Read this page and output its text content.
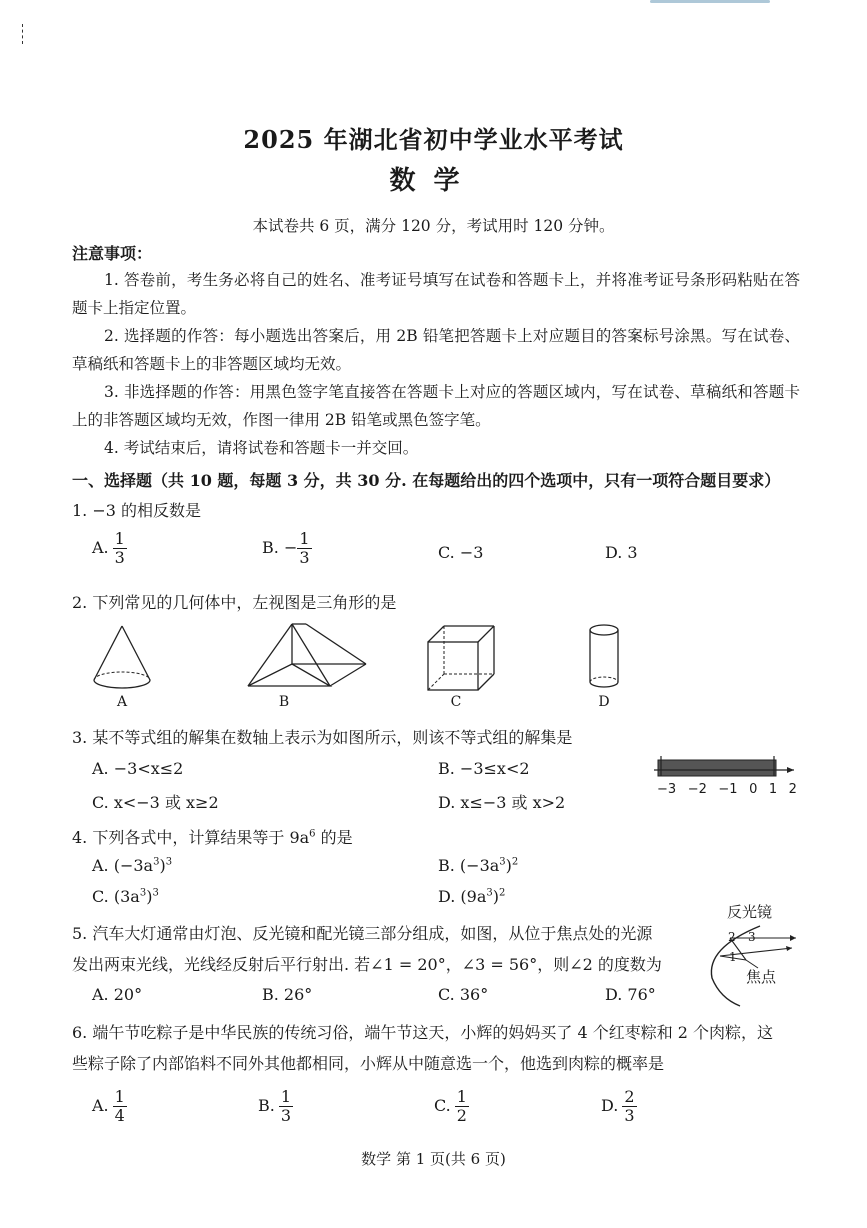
2025 年湖北省初中学业水平考试
数学
本试卷共 6 页，满分 120 分，考试用时 120 分钟。
注意事项：
1. 答卷前，考生务必将自己的姓名、准考证号填写在试卷和答题卡上，并将准考证号条形码粘贴在答题卡上指定位置。
2. 选择题的作答：每小题选出答案后，用 2B 铅笔把答题卡上对应题目的答案标号涂黑。写在试卷、草稿纸和答题卡上的非答题区域均无效。
3. 非选择题的作答：用黑色签字笔直接答在答题卡上对应的答题区域内，写在试卷、草稿纸和答题卡上的非答题区域均无效，作图一律用 2B 铅笔或黑色签字笔。
4. 考试结束后，请将试卷和答题卡一并交回。
一、选择题（共 10 题，每题 3 分，共 30 分. 在每题给出的四个选项中，只有一项符合题目要求）
1. −3 的相反数是
A. $\frac{1}{3}$	B. − $\frac{1}{3}$	C. −3	D. 3
2. 下列常见的几何体中，左视图是三角形的是
A	B	C	D
3. 某不等式组的解集在数轴上表示为如图所示，则该不等式组的解集是
A. −3<x≤2	B. −3≤x<2
C. x<−3 或 x≥2	D. x≤−3 或 x>2
−3 −2 −1 0 1 2
4. 下列各式中，计算结果等于 $9a^6$ 的是
A. $(-3a^3)^3$	B. $(-3a^3)^2$
C. $(3a^3)^3$	D. $(9a^3)^2$
5. 汽车大灯通常由灯泡、反光镜和配光镜三部分组成，如图，从位于焦点处的光源
发出两束光线，光线经反射后平行射出. 若∠1 = 20°，∠3 = 56°，则∠2 的度数为
A. 20°	B. 26°	C. 36°	D. 76°
反光镜
焦点
1
2 3
6. 端午节吃粽子是中华民族的传统习俗，端午节这天，小辉的妈妈买了 4 个红枣粽和 2 个肉粽，这
些粽子除了内部馅料不同外其他都相同，小辉从中随意选一个，他选到肉粽的概率是
A. $\frac{1}{4}$	B. $\frac{1}{3}$	C. $\frac{1}{2}$	D. $\frac{2}{3}$
数学 第 1 页(共 6 页)
